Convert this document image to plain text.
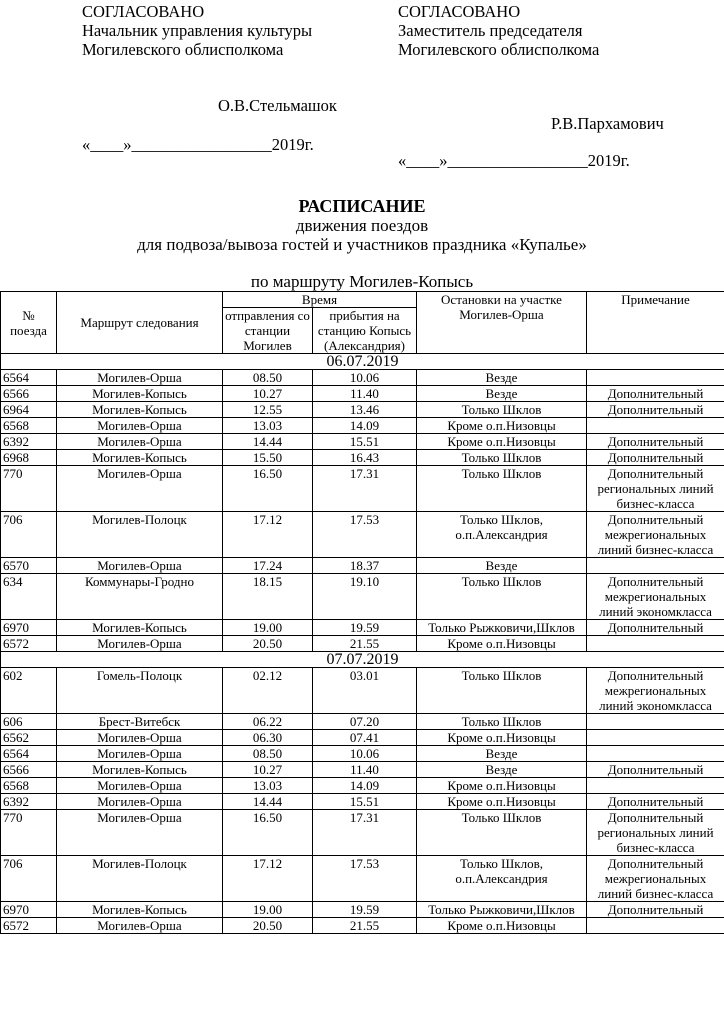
СОГЛАСОВАНО
Начальник управления культуры
Могилевского облисполкома
О.В.Стельмашок
«____»_________________2019г.
СОГЛАСОВАНО
Заместитель председателя
Могилевского облисполкома
Р.В.Пархамович
«____»_________________2019г.
РАСПИСАНИЕ
движения поездов
для подвоза/вывоза гостей и участников праздника «Купалье»
по маршруту Могилев-Копысь
№ поезда	Маршрут следования	Время		Остановки на участке Могилев-Орша	Примечание
		отправления со станции Могилев	прибытия на станцию Копысь (Александрия)		
06.07.2019					
6564	Могилев-Орша	08.50	10.06	Везде	
6566	Могилев-Копысь	10.27	11.40	Везде	Дополнительный
6964	Могилев-Копысь	12.55	13.46	Только Шклов	Дополнительный
6568	Могилев-Орша	13.03	14.09	Кроме о.п.Низовцы	
6392	Могилев-Орша	14.44	15.51	Кроме о.п.Низовцы	Дополнительный
6968	Могилев-Копысь	15.50	16.43	Только Шклов	Дополнительный
770	Могилев-Орша	16.50	17.31	Только Шклов	Дополнительный региональных линий бизнес-класса
706	Могилев-Полоцк	17.12	17.53	Только Шклов, о.п.Александрия	Дополнительный межрегиональных линий бизнес-класса
6570	Могилев-Орша	17.24	18.37	Везде	
634	Коммунары-Гродно	18.15	19.10	Только Шклов	Дополнительный межрегиональных линий экономкласса
6970	Могилев-Копысь	19.00	19.59	Только Рыжковичи,Шклов	Дополнительный
6572	Могилев-Орша	20.50	21.55	Кроме о.п.Низовцы	
07.07.2019					
602	Гомель-Полоцк	02.12	03.01	Только Шклов	Дополнительный межрегиональных линий экономкласса
606	Брест-Витебск	06.22	07.20	Только Шклов	
6562	Могилев-Орша	06.30	07.41	Кроме о.п.Низовцы	
6564	Могилев-Орша	08.50	10.06	Везде	
6566	Могилев-Копысь	10.27	11.40	Везде	Дополнительный
6568	Могилев-Орша	13.03	14.09	Кроме о.п.Низовцы	
6392	Могилев-Орша	14.44	15.51	Кроме о.п.Низовцы	Дополнительный
770	Могилев-Орша	16.50	17.31	Только Шклов	Дополнительный региональных линий бизнес-класса
706	Могилев-Полоцк	17.12	17.53	Только Шклов, о.п.Александрия	Дополнительный межрегиональных линий бизнес-класса
6970	Могилев-Копысь	19.00	19.59	Только Рыжковичи,Шклов	Дополнительный
6572	Могилев-Орша	20.50	21.55	Кроме о.п.Низовцы	
